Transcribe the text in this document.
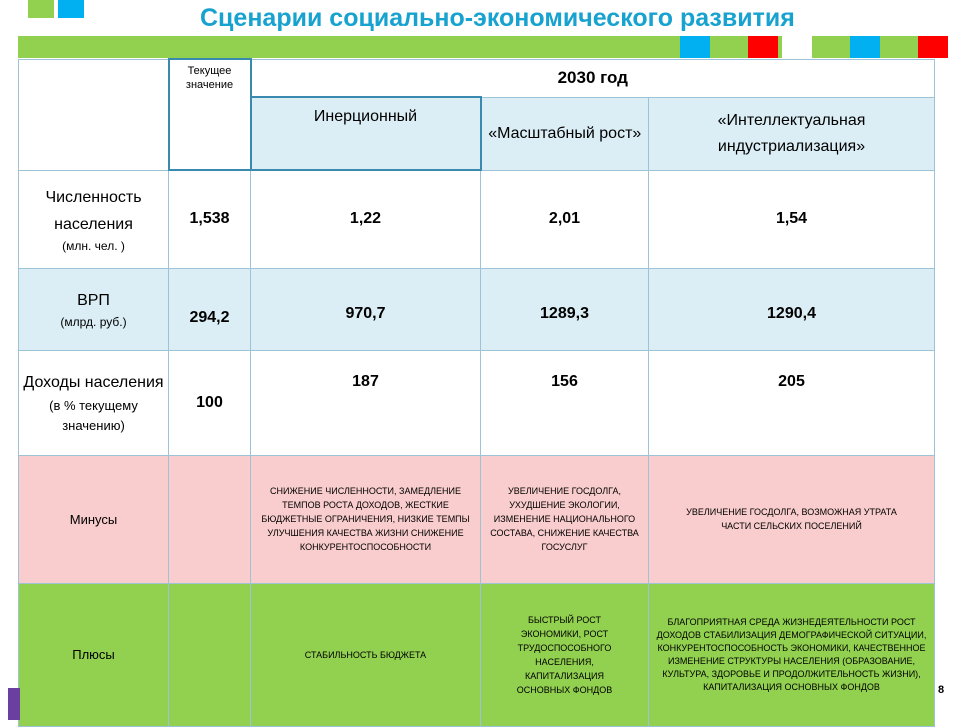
Сценарии социально-экономического развития
	Текущее значение	2030 год		
		Инерционный	«Масштабный рост»	«Интеллектуальная индустриализация»

Численность населения
(млн. чел. )	1,538	1,22	2,01	1,54

ВРП
(млрд. руб.)	294,2	970,7	1289,3	1290,4

Доходы населения
(в % текущему значению)	100	187	156	205
Минусы		СНИЖЕНИЕ ЧИСЛЕННОСТИ, ЗАМЕДЛЕНИЕ ТЕМПОВ РОСТА ДОХОДОВ, ЖЕСТКИЕ БЮДЖЕТНЫЕ ОГРАНИЧЕНИЯ, НИЗКИЕ ТЕМПЫ УЛУЧШЕНИЯ КАЧЕСТВА ЖИЗНИ СНИЖЕНИЕ КОНКУРЕНТОСПОСОБНОСТИ	УВЕЛИЧЕНИЕ ГОСДОЛГА, УХУДШЕНИЕ ЭКОЛОГИИ, ИЗМЕНЕНИЕ НАЦИОНАЛЬНОГО СОСТАВА, СНИЖЕНИЕ КАЧЕСТВА ГОСУСЛУГ	УВЕЛИЧЕНИЕ ГОСДОЛГА, ВОЗМОЖНАЯ УТРАТА ЧАСТИ СЕЛЬСКИХ ПОСЕЛЕНИЙ
Плюсы		СТАБИЛЬНОСТЬ БЮДЖЕТА	БЫСТРЫЙ РОСТ ЭКОНОМИКИ, РОСТ ТРУДОСПОСОБНОГО НАСЕЛЕНИЯ, КАПИТАЛИЗАЦИЯ ОСНОВНЫХ ФОНДОВ	БЛАГОПРИЯТНАЯ СРЕДА ЖИЗНЕДЕЯТЕЛЬНОСТИ РОСТ ДОХОДОВ СТАБИЛИЗАЦИЯ ДЕМОГРАФИЧЕСКОЙ СИТУАЦИИ, КОНКУРЕНТОСПОСОБНОСТЬ ЭКОНОМИКИ, КАЧЕСТВЕННОЕ ИЗМЕНЕНИЕ СТРУКТУРЫ НАСЕЛЕНИЯ (ОБРАЗОВАНИЕ, КУЛЬТУРА, ЗДОРОВЬЕ И ПРОДОЛЖИТЕЛЬНОСТЬ ЖИЗНИ), КАПИТАЛИЗАЦИЯ ОСНОВНЫХ ФОНДОВ	8
